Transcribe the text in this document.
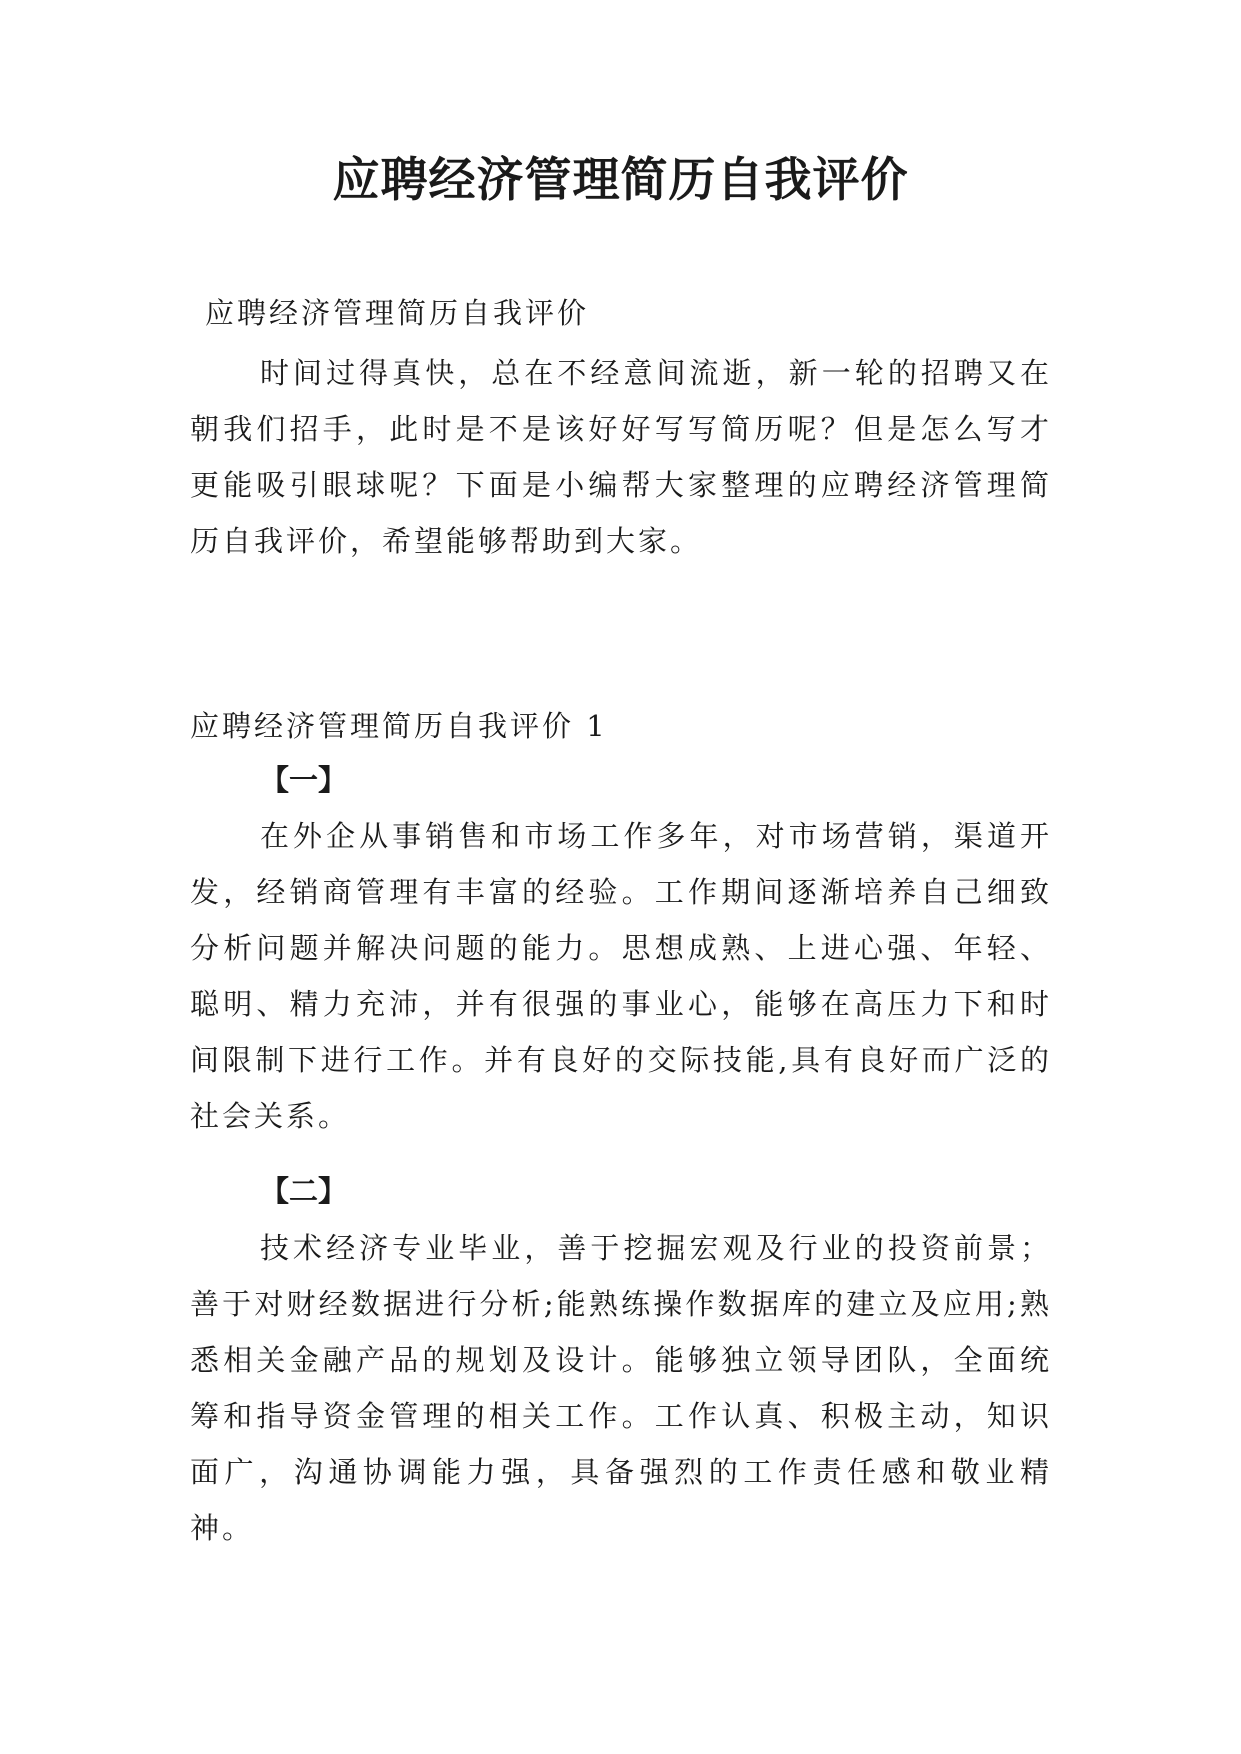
应聘经济管理简历自我评价

应聘经济管理简历自我评价

时间过得真快，总在不经意间流逝，新一轮的招聘又在朝我们招手，此时是不是该好好写写简历呢？但是怎么写才更能吸引眼球呢？下面是小编帮大家整理的应聘经济管理简历自我评价，希望能够帮助到大家。

应聘经济管理简历自我评价 1

【一】

在外企从事销售和市场工作多年，对市场营销，渠道开发，经销商管理有丰富的经验。工作期间逐渐培养自己细致分析问题并解决问题的能力。思想成熟、上进心强、年轻、聪明、精力充沛，并有很强的事业心，能够在高压力下和时间限制下进行工作。并有良好的交际技能,具有良好而广泛的社会关系。

【二】

技术经济专业毕业，善于挖掘宏观及行业的投资前景；善于对财经数据进行分析;能熟练操作数据库的建立及应用;熟悉相关金融产品的规划及设计。能够独立领导团队，全面统筹和指导资金管理的相关工作。工作认真、积极主动，知识面广，沟通协调能力强，具备强烈的工作责任感和敬业精神。
